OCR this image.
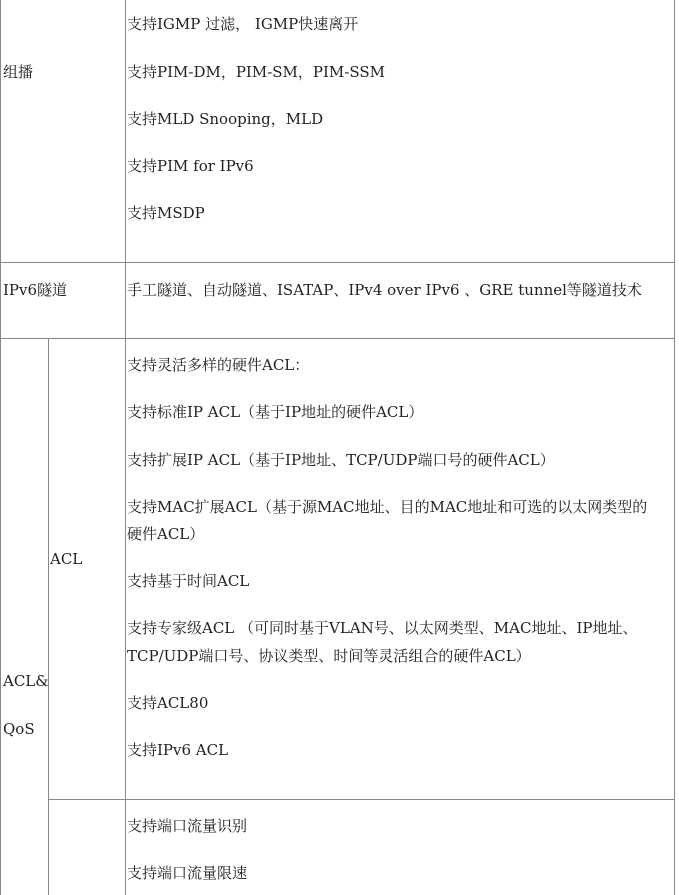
组播
支持IGMP 过滤， IGMP快速离开
支持PIM-DM，PIM-SM，PIM-SSM
支持MLD Snooping，MLD
支持PIM for IPv6
支持MSDP
IPv6隧道	手工隧道、自动隧道、ISATAP、IPv4 over IPv6 、GRE tunnel等隧道技术
ACL&
QoS
ACL
支持灵活多样的硬件ACL：
支持标准IP ACL（基于IP地址的硬件ACL）
支持扩展IP ACL（基于IP地址、TCP/UDP端口号的硬件ACL）
支持MAC扩展ACL（基于源MAC地址、目的MAC地址和可选的以太网类型的
硬件ACL）
支持基于时间ACL
支持专家级ACL （可同时基于VLAN号、以太网类型、MAC地址、IP地址、
TCP/UDP端口号、协议类型、时间等灵活组合的硬件ACL）
支持ACL80
支持IPv6 ACL
支持端口流量识别
支持端口流量限速
